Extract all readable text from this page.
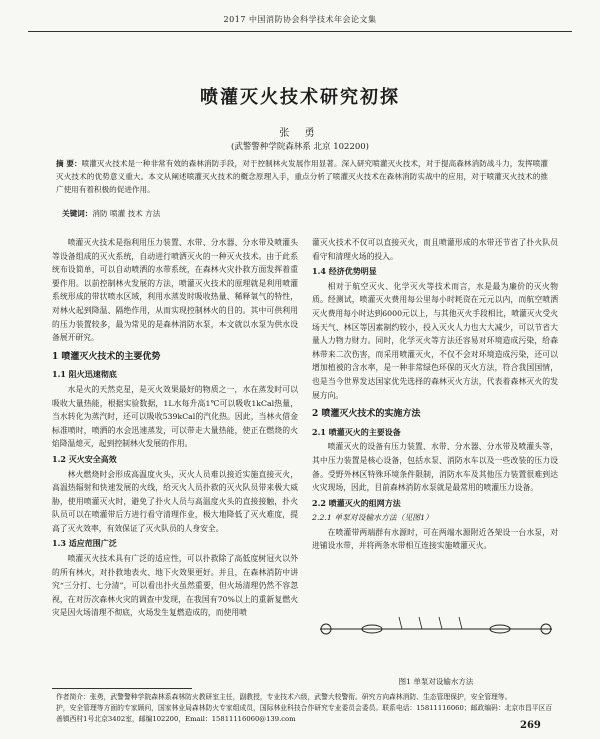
2017 中国消防协会科学技术年会论文集
喷灌灭火技术研究初探
张 勇
(武警警种学院森林系 北京 102200)
摘 要：喷灌灭火技术是一种非常有效的森林消防手段，对于控制林火发展作用显著。深入研究喷灌灭火技术，对于提高森林消防战斗力，发挥喷灌灭火技术的优势意义重大。本文从阐述喷灌灭火技术的概念原理入手，重点分析了喷灌灭火技术在森林消防实战中的应用，对于喷灌灭火技术的推广使用有着积极的促进作用。
关键词：消防 喷灌 技术 方法

喷灌灭火技术是指利用压力装置、水带、分水器、分水带及喷灌头等设备组成的灭火系统，自动进行喷洒灭火的一种灭火技术。由于此系统布设简单，可以自动喷洒的水带系统，在森林火灾扑救方面发挥着重要作用。以前控制林火发展的方法，喷灌灭火技术的原理就是利用喷灌系统形成的带状喷水区域，利用水蒸发时吸收热量、稀释氧气的特性，对林火起到降温、隔绝作用，从而实现控制林火的目的。其中可供利用的压力装置较多，最为常见的是森林消防水泵，本文就以水泵为供水设备展开研究。

1 喷灌灭火技术的主要优势
1.1 阻火迅速彻底

水是火的天然克星，是灭火效果最好的物质之一，水在蒸发时可以吸收大量热能，根据实验数据，1L水每升高1℃可以吸收1kCal热量，当水转化为蒸汽时，还可以吸收539kCal的汽化热。因此，当林火借金标准喷时，喷洒的水会迅速蒸发，可以带走大量热能，使正在燃烧的火焰降温熄灭，起到控制林火发展的作用。

1.2 灭火安全高效

林火燃烧时会形成高温度火头，灭火人员难以接近实施直接灭火，高温热辐射和快速发展的火线，给灭火人员扑救的灭火队员带来极大威胁，使用喷灌灭火时，避免了扑火人员与高温度火头的直接接触，扑火队员可以在喷灌带后方进行看守清理作业，极大地降低了灭火难度，提高了灭火效率，有效保证了灭火队员的人身安全。

1.3 适应范围广泛

喷灌灭火技术具有广泛的适应性，可以扑救除了高低度树冠火以外的所有林火，对扑救地表火、地下火效果更好。并且，在森林消防中讲究“三分打、七分清”，可以看出扑火虽然重要，但火场清理仍然不容忽视，在对历次森林火灾的调查中发现，在我国有70%以上的重新复燃火灾是因火场清理不彻底，火场发生复燃造成的，而使用喷

灌灭火技术不仅可以直接灭火，而且喷灌形成的水带还节省了扑火队员看守和清理火场的投入。

1.4 经济优势明显

相对于航空灭火、化学灭火等技术而言，水是最为廉价的灭火物质。经测试，喷灌灭火费用每公里每小时耗资在元元以内，而航空喷洒灭火费用每小时达到6000元以上，与其他灭火手段相比，喷灌灭火受火场天气、林区等因素制约较小，投入灭火人力也大大减少，可以节省大量人力物力财力。同时，化学灭火等方法还容易对环境造成污染，给森林带来二次伤害，而采用喷灌灭火，不仅不会对环境造成污染，还可以增加植被的含水率，是一种非常绿色环保的灭火方法，符合我国国情，也是当今世界发达国家优先选择的森林灭火方法，代表着森林灭火的发展方向。

2 喷灌灭火技术的实施方法
2.1 喷灌灭火的主要设备

喷灌灭火的设备有压力装置、水带、分水器、分水带及喷灌头等，其中压力装置是核心设备，包括水泵、消防水车以及一些改装的压力设备。受野外林区特殊环境条件限制，消防水车及其他压力装置很难到达火灾现场，因此，目前森林消防水泵就是最常用的喷灌压力设备。

2.2 喷灌灭火的组网方法
2.2.1 单泵对设输水方法（见图1）

在喷灌带两端群有水源时，可在两端水源附近各架设一台水泵，对进铺设水带，并将两条水带相互连接实施喷灌灭火。

图1 单泵对设输水方法
作者简介：张勇，武警警种学院森林系森林防火教研室主任，副教授，专业技术六级，武警大校警衔。研究方向森林消防、生态管理保护，安全管理等。
护，安全管理等方面的专家顾问，国家林业局森林防火专家组成员，国际林业科技合作研究专业委员会委员。联系电话：15811116060；邮政编码：北京市昌平区百善镇西村1号北京3402室，邮编102200，Email：15811116060@139.com
269
